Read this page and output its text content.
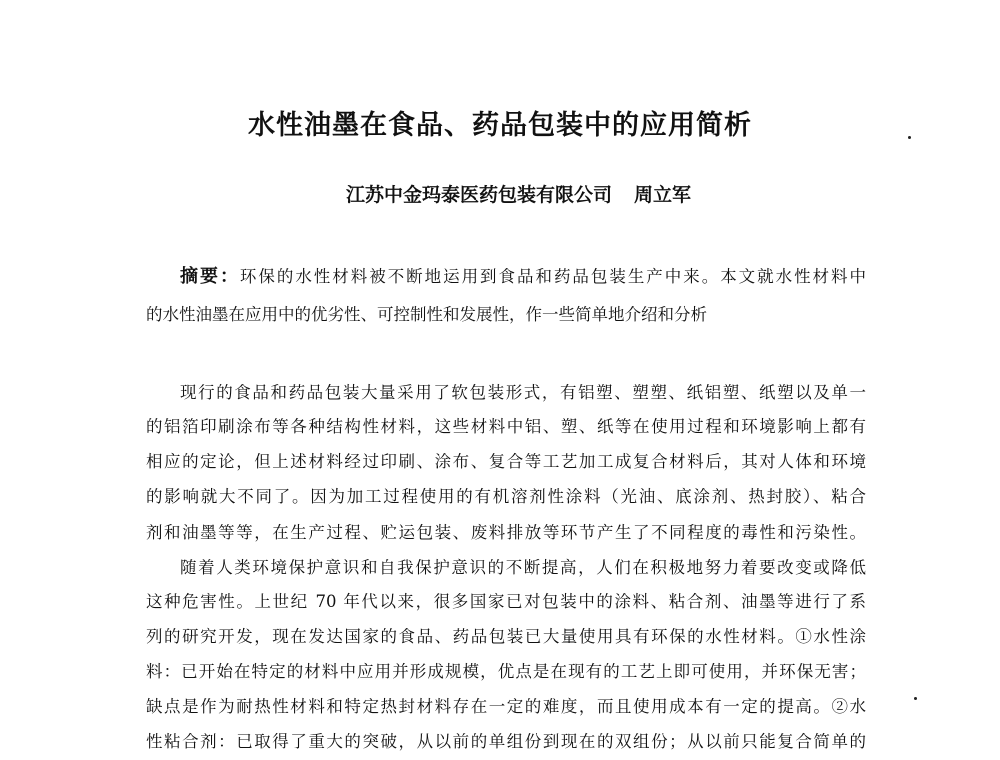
水性油墨在食品、药品包装中的应用简析
江苏中金玛泰医药包装有限公司 周立军
摘要：环保的水性材料被不断地运用到食品和药品包装生产中来。本文就水性材料中
的水性油墨在应用中的优劣性、可控制性和发展性，作一些简单地介绍和分析
现行的食品和药品包装大量采用了软包装形式，有铝塑、塑塑、纸铝塑、纸塑以及单一
的铝箔印刷涂布等各种结构性材料，这些材料中铝、塑、纸等在使用过程和环境影响上都有
相应的定论，但上述材料经过印刷、涂布、复合等工艺加工成复合材料后，其对人体和环境
的影响就大不同了。因为加工过程使用的有机溶剂性涂料（光油、底涂剂、热封胶）、粘合
剂和油墨等等，在生产过程、贮运包装、废料排放等环节产生了不同程度的毒性和污染性。
随着人类环境保护意识和自我保护意识的不断提高，人们在积极地努力着要改变或降低
这种危害性。上世纪 70 年代以来，很多国家已对包装中的涂料、粘合剂、油墨等进行了系
列的研究开发，现在发达国家的食品、药品包装已大量使用具有环保的水性材料。①水性涂
料：已开始在特定的材料中应用并形成规模，优点是在现有的工艺上即可使用，并环保无害；
缺点是作为耐热性材料和特定热封材料存在一定的难度，而且使用成本有一定的提高。②水
性粘合剂：已取得了重大的突破，从以前的单组份到现在的双组份；从以前只能复合简单的
